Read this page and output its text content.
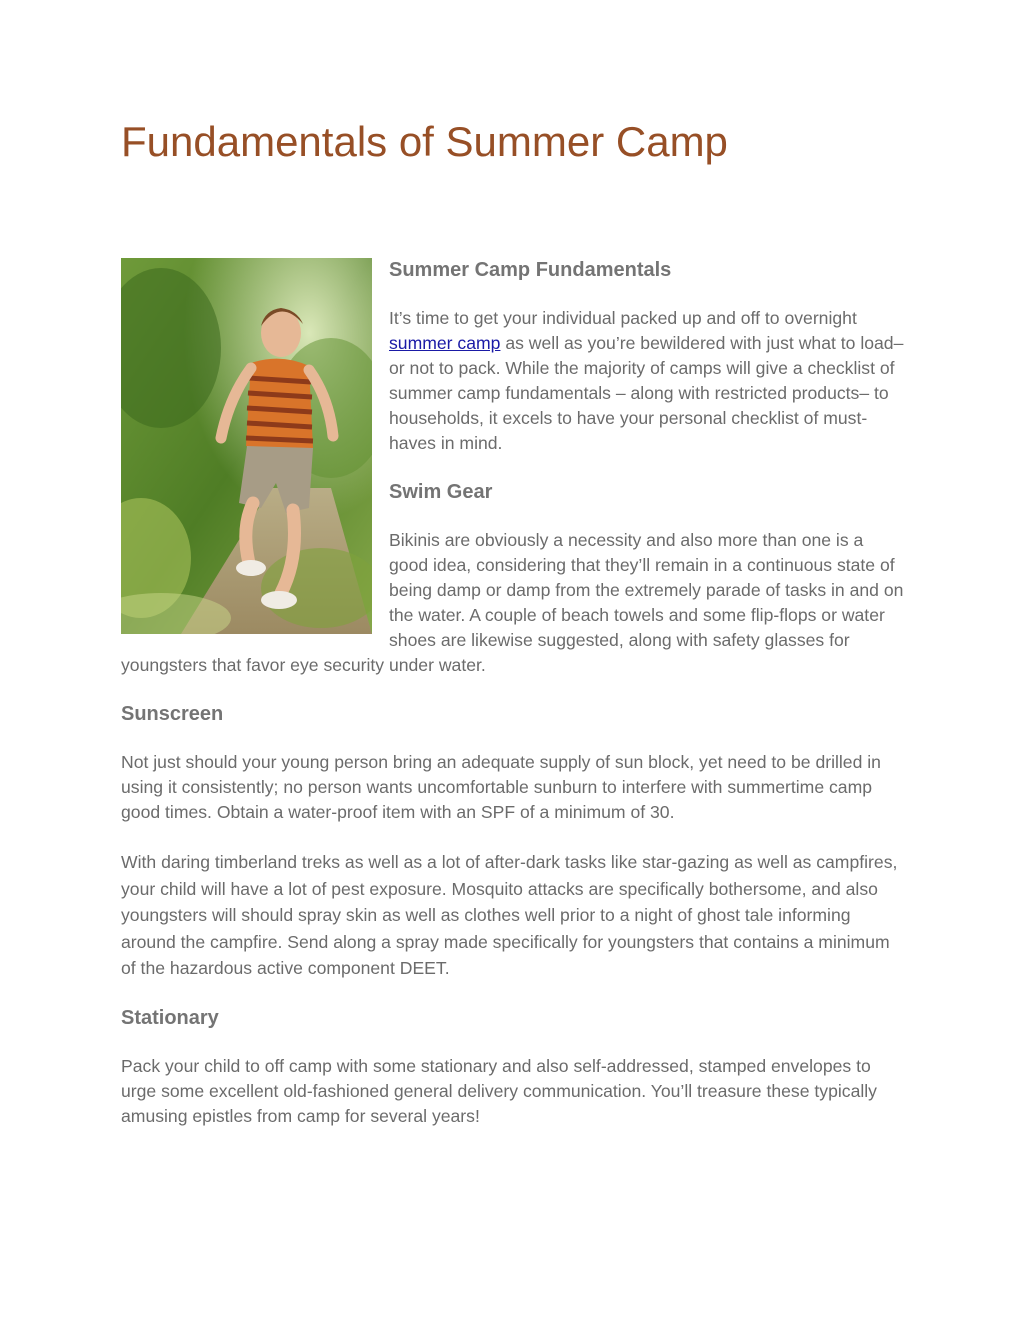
Fundamentals of Summer Camp
Summer Camp Fundamentals

It’s time to get your individual packed up and off to overnight summer camp as well as you’re bewildered with just what to load– or not to pack. While the majority of camps will give a checklist of summer camp fundamentals – along with restricted products– to households, it excels to have your personal checklist of must-haves in mind.

Swim Gear

Bikinis are obviously a necessity and also more than one is a good idea, considering that they’ll remain in a continuous state of being damp or damp from the extremely parade of tasks in and on the water. A couple of beach towels and some flip-flops or water shoes are likewise suggested, along with safety glasses for youngsters that favor eye security under water.

Sunscreen

Not just should your young person bring an adequate supply of sun block, yet need to be drilled in using it consistently; no person wants uncomfortable sunburn to interfere with summertime camp good times. Obtain a water-proof item with an SPF of a minimum of 30.

With daring timberland treks as well as a lot of after-dark tasks like star-gazing as well as campfires, your child will have a lot of pest exposure. Mosquito attacks are specifically bothersome, and also youngsters will should spray skin as well as clothes well prior to a night of ghost tale informing around the campfire. Send along a spray made specifically for youngsters that contains a minimum of the hazardous active component DEET.

Stationary

Pack your child to off camp with some stationary and also self-addressed, stamped envelopes to urge some excellent old-fashioned general delivery communication. You’ll treasure these typically amusing epistles from camp for several years!
